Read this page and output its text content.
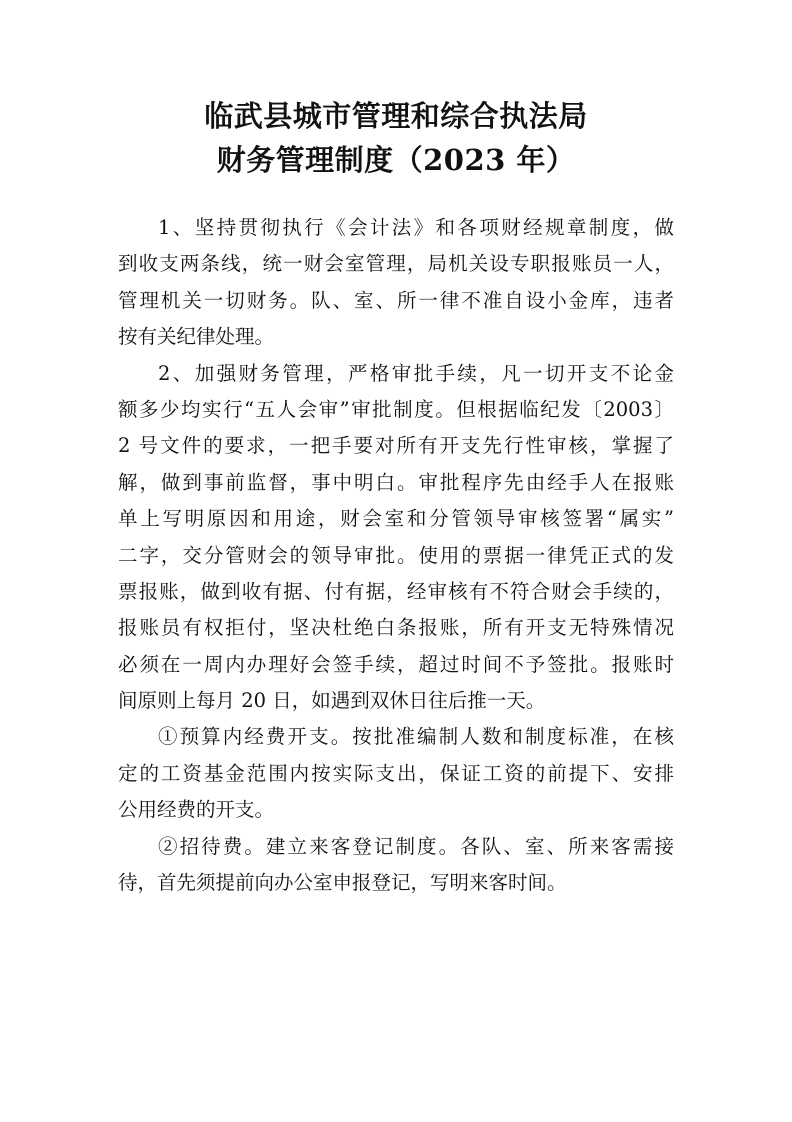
临武县城市管理和综合执法局
财务管理制度（2023 年）
1、坚持贯彻执行《会计法》和各项财经规章制度，做
到收支两条线，统一财会室管理，局机关设专职报账员一人，
管理机关一切财务。队、室、所一律不准自设小金库，违者
按有关纪律处理。
2、加强财务管理，严格审批手续，凡一切开支不论金
额多少均实行“五人会审”审批制度。但根据临纪发〔2003〕
2 号文件的要求，一把手要对所有开支先行性审核，掌握了
解，做到事前监督，事中明白。审批程序先由经手人在报账
单上写明原因和用途，财会室和分管领导审核签署“属实”
二字，交分管财会的领导审批。使用的票据一律凭正式的发
票报账，做到收有据、付有据，经审核有不符合财会手续的，
报账员有权拒付，坚决杜绝白条报账，所有开支无特殊情况
必须在一周内办理好会签手续，超过时间不予签批。报账时
间原则上每月 20 日，如遇到双休日往后推一天。
①预算内经费开支。按批准编制人数和制度标准，在核
定的工资基金范围内按实际支出，保证工资的前提下、安排
公用经费的开支。
②招待费。建立来客登记制度。各队、室、所来客需接
待，首先须提前向办公室申报登记，写明来客时间。
